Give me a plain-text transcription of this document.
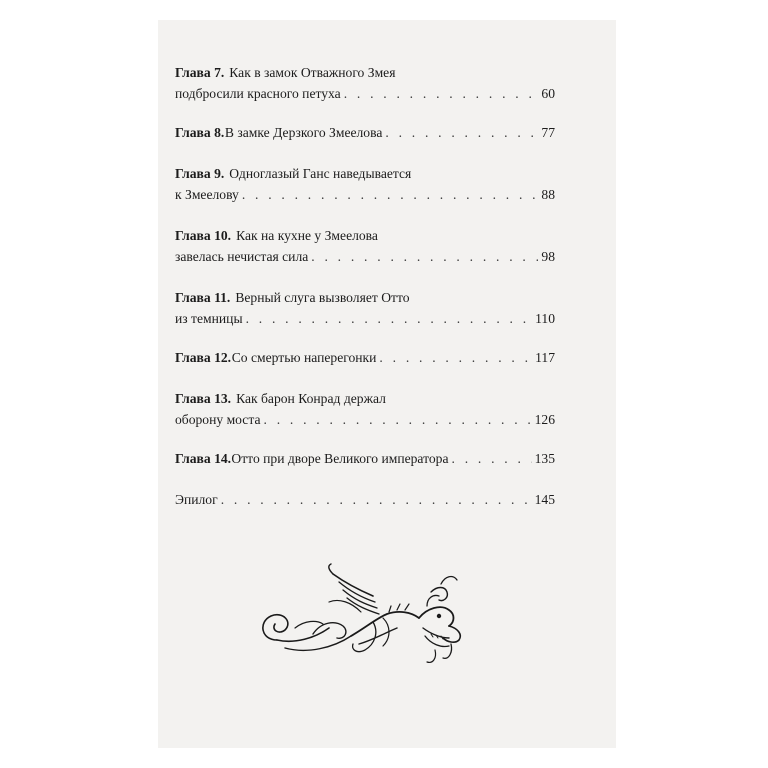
Глава 7. Как в замок Отважного Змея
подбросили красного петуха . . .	60
Глава 8. В замке Дерзкого Змеелова . . .	77
Глава 9. Одноглазый Ганс наведывается
к Змеелову . . .	88
Глава 10. Как на кухне у Змеелова
завелась нечистая сила . . .	98
Глава 11. Верный слуга вызволяет Отто
из темницы . . .	110
Глава 12. Со смертью наперегонки . . .	117
Глава 13. Как барон Конрад держал
оборону моста . . .	126
Глава 14. Отто при дворе Великого императора . . .	135
Эпилог . . .	145
